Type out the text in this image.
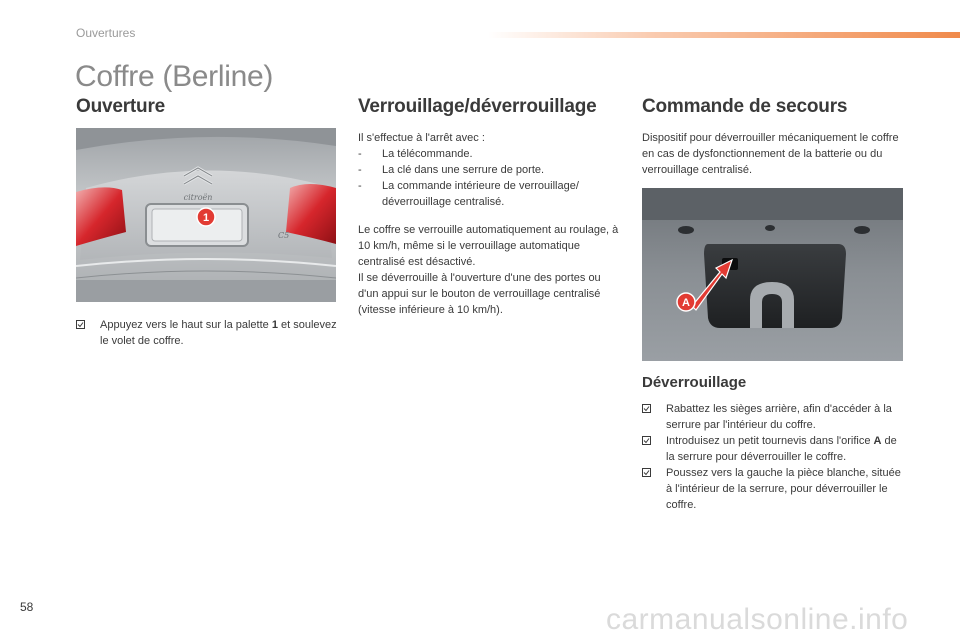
Ouvertures
Coffre (Berline)
Ouverture
citroën
C5
1
Appuyez vers le haut sur la palette 1 et soulevez le volet de coffre.
Verrouillage/déverrouillage

Il s'effectue à l'arrêt avec :

- La télécommande.
- La clé dans une serrure de porte.
- La commande intérieure de verrouillage/ déverrouillage centralisé.

Le coffre se verrouille automatiquement au roulage, à 10 km/h, même si le verrouillage automatique centralisé est désactivé.

Il se déverrouille à l'ouverture d'une des portes ou d'un appui sur le bouton de verrouillage centralisé (vitesse inférieure à 10 km/h).

Commande de secours

Dispositif pour déverrouiller mécaniquement le coffre en cas de dysfonctionnement de la batterie ou du verrouillage centralisé.

A
Déverrouillage
Rabattez les sièges arrière, afin d'accéder à la serrure par l'intérieur du coffre.
Introduisez un petit tournevis dans l'orifice A de la serrure pour déverrouiller le coffre.
Poussez vers la gauche la pièce blanche, située à l'intérieur de la serrure, pour déverrouiller le coffre.
58	carmanualsonline.info
